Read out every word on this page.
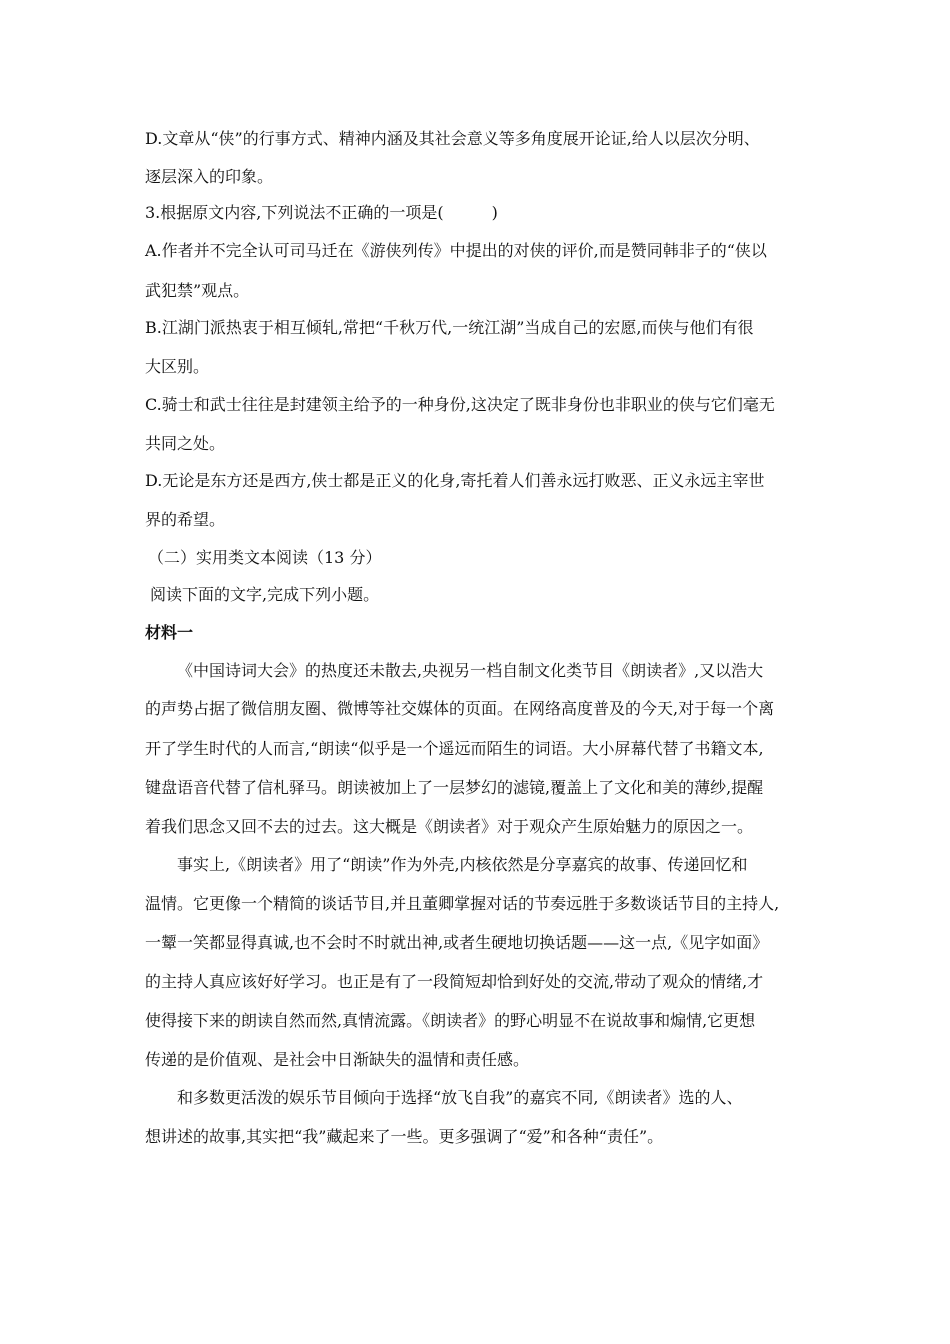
D.文章从“侠”的行事方式、精神内涵及其社会意义等多角度展开论证,给人以层次分明、
逐层深入的印象。
3.根据原文内容,下列说法不正确的一项是(　　　)
A.作者并不完全认可司马迁在《游侠列传》中提出的对侠的评价,而是赞同韩非子的“侠以
武犯禁”观点。
B.江湖门派热衷于相互倾轧,常把“千秋万代,一统江湖”当成自己的宏愿,而侠与他们有很
大区别。
C.骑士和武士往往是封建领主给予的一种身份,这决定了既非身份也非职业的侠与它们毫无
共同之处。
D.无论是东方还是西方,侠士都是正义的化身,寄托着人们善永远打败恶、正义永远主宰世
界的希望。
（二）实用类文本阅读（13 分）
阅读下面的文字,完成下列小题。
材料一
《中国诗词大会》的热度还未散去,央视另一档自制文化类节目《朗读者》,又以浩大
的声势占据了微信朋友圈、微博等社交媒体的页面。在网络高度普及的今天,对于每一个离
开了学生时代的人而言,“朗读“似乎是一个遥远而陌生的词语。大小屏幕代替了书籍文本,
键盘语音代替了信札驿马。朗读被加上了一层梦幻的滤镜,覆盖上了文化和美的薄纱,提醒
着我们思念又回不去的过去。这大概是《朗读者》对于观众产生原始魅力的原因之一。
事实上,《朗读者》用了“朗读”作为外壳,内核依然是分享嘉宾的故事、传递回忆和
温情。它更像一个精简的谈话节目,并且董卿掌握对话的节奏远胜于多数谈话节目的主持人,
一颦一笑都显得真诚,也不会时不时就出神,或者生硬地切换话题——这一点,《见字如面》
的主持人真应该好好学习。也正是有了一段简短却恰到好处的交流,带动了观众的情绪,才
使得接下来的朗读自然而然,真情流露。《朗读者》的野心明显不在说故事和煽情,它更想
传递的是价值观、是社会中日渐缺失的温情和责任感。
和多数更活泼的娱乐节目倾向于选择“放飞自我”的嘉宾不同,《朗读者》选的人、
想讲述的故事,其实把“我”藏起来了一些。更多强调了“爱”和各种“责任”。
